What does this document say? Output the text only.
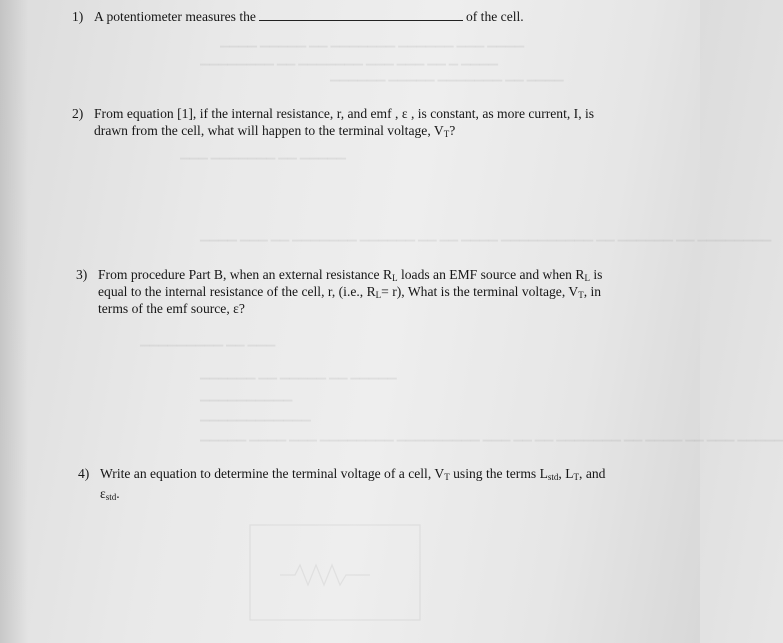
▔▔▔▔ ▔▔▔▔▔ ▔▔ ▔▔▔▔▔▔▔ ▔▔▔▔▔▔ ▔▔▔ ▔▔▔▔
▔▔▔▔▔▔▔▔ ▔▔ ▔▔▔▔▔▔▔ ▔▔▔ ▔▔▔ ▔▔ ▔ ▔▔▔▔
▔▔▔▔▔▔ ▔▔▔▔▔ ▔▔▔▔▔▔▔ ▔▔ ▔▔▔▔
▔▔▔ ▔▔▔▔▔▔▔ ▔▔ ▔▔▔▔▔
▔▔▔▔ ▔▔▔ ▔▔ ▔▔▔▔▔▔▔ ▔▔▔▔▔▔ ▔▔ ▔▔ ▔▔▔▔ ▔▔▔▔▔▔▔▔▔▔ ▔▔ ▔▔▔▔▔▔ ▔▔ ▔▔▔▔▔▔▔▔
▔▔▔▔▔▔▔▔▔ ▔▔ ▔▔▔
▔▔▔▔▔▔ ▔▔ ▔▔▔▔▔ ▔▔ ▔▔▔▔▔
▔▔▔▔▔▔▔▔▔▔
▔▔▔▔▔▔▔▔▔▔▔▔
▔▔▔▔▔ ▔▔▔▔ ▔▔▔ ▔▔▔▔▔▔▔▔ ▔▔▔▔▔▔▔▔▔ ▔▔▔ ▔▔ ▔▔ ▔▔▔▔▔▔▔ ▔▔ ▔▔▔▔ ▔▔ ▔▔▔ ▔▔▔▔▔
1) A potentiometer measures the	of the cell.
2) From equation [1], if the internal resistance, r, and emf , ε , is constant, as more current, I, is
drawn from the cell, what will happen to the terminal voltage, $V_T$?
3) From procedure Part B, when an external resistance $R_L$ loads an EMF source and when $R_L$ is
equal to the internal resistance of the cell, r, (i.e., $R_L= r$), What is the terminal voltage, $V_T$, in
terms of the emf source, ε?
4) Write an equation to determine the terminal voltage of a cell, $V_T$ using the terms $L_{std}$, $L_T$, and
$\varepsilon_{std}$.
